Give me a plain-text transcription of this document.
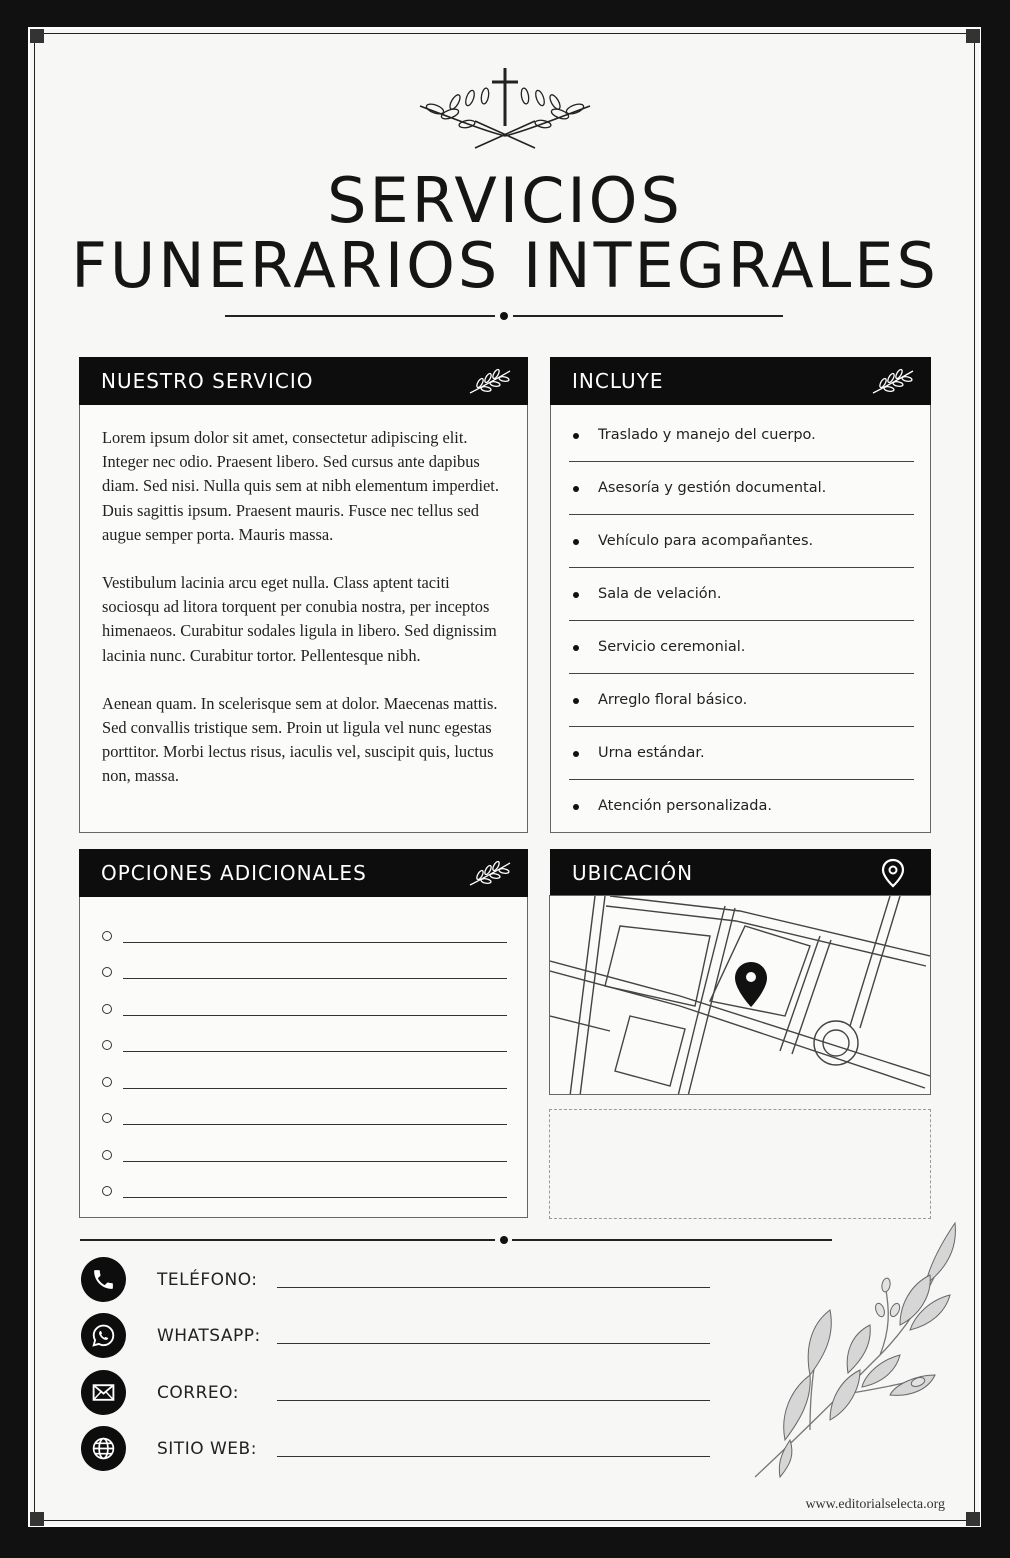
SERVICIOS
FUNERARIOS INTEGRALES
NUESTRO SERVICIO

Lorem ipsum dolor sit amet, consectetur adipiscing elit. Integer nec odio. Praesent libero. Sed cursus ante dapibus diam. Sed nisi. Nulla quis sem at nibh elementum imperdiet. Duis sagittis ipsum. Praesent mauris. Fusce nec tellus sed augue semper porta. Mauris massa.

Vestibulum lacinia arcu eget nulla. Class aptent taciti sociosqu ad litora torquent per conubia nostra, per inceptos himenaeos. Curabitur sodales ligula in libero. Sed dignissim lacinia nunc. Curabitur tortor. Pellentesque nibh.

Aenean quam. In scelerisque sem at dolor. Maecenas mattis. Sed convallis tristique sem. Proin ut ligula vel nunc egestas porttitor. Morbi lectus risus, iaculis vel, suscipit quis, luctus non, massa.

INCLUYE
Traslado y manejo del cuerpo.
Asesoría y gestión documental.
Vehículo para acompañantes.
Sala de velación.
Servicio ceremonial.
Arreglo floral básico.
Urna estándar.
Atención personalizada.
OPCIONES ADICIONALES	UBICACIÓN
TELÉFONO:
WHATSAPP:
CORREO:
SITIO WEB:
www.editorialselecta.org
